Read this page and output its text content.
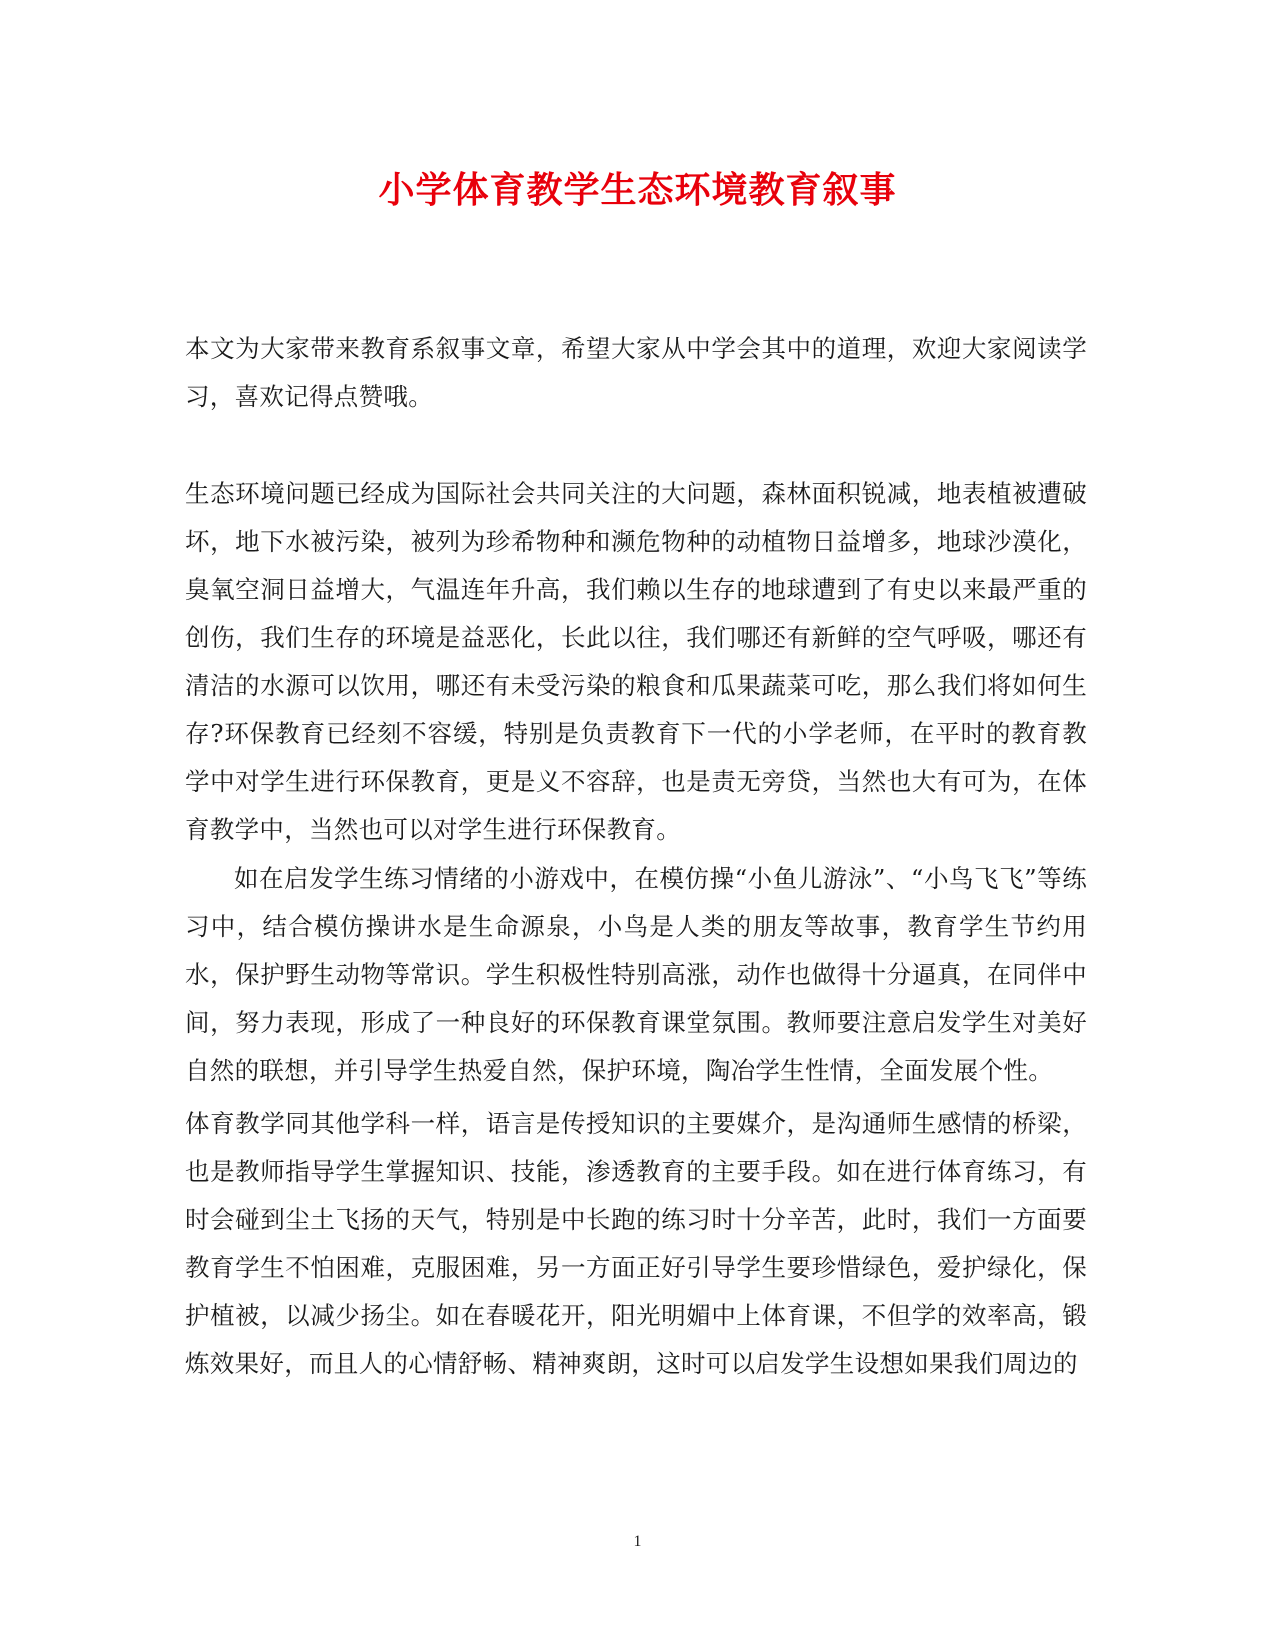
小学体育教学生态环境教育叙事

本文为大家带来教育系叙事文章，希望大家从中学会其中的道理，欢迎大家阅读学习，喜欢记得点赞哦。

生态环境问题已经成为国际社会共同关注的大问题，森林面积锐减，地表植被遭破坏，地下水被污染，被列为珍希物种和濒危物种的动植物日益增多，地球沙漠化，臭氧空洞日益增大，气温连年升高，我们赖以生存的地球遭到了有史以来最严重的创伤，我们生存的环境是益恶化，长此以往，我们哪还有新鲜的空气呼吸，哪还有清洁的水源可以饮用，哪还有未受污染的粮食和瓜果蔬菜可吃，那么我们将如何生存?环保教育已经刻不容缓，特别是负责教育下一代的小学老师，在平时的教育教学中对学生进行环保教育，更是义不容辞，也是责无旁贷，当然也大有可为，在体育教学中，当然也可以对学生进行环保教育。

如在启发学生练习情绪的小游戏中，在模仿操“小鱼儿游泳”、“小鸟飞飞”等练习中，结合模仿操讲水是生命源泉，小鸟是人类的朋友等故事，教育学生节约用水，保护野生动物等常识。学生积极性特别高涨，动作也做得十分逼真，在同伴中间，努力表现，形成了一种良好的环保教育课堂氛围。教师要注意启发学生对美好自然的联想，并引导学生热爱自然，保护环境，陶冶学生性情，全面发展个性。

体育教学同其他学科一样，语言是传授知识的主要媒介，是沟通师生感情的桥梁，也是教师指导学生掌握知识、技能，渗透教育的主要手段。如在进行体育练习，有时会碰到尘土飞扬的天气，特别是中长跑的练习时十分辛苦，此时，我们一方面要教育学生不怕困难，克服困难，另一方面正好引导学生要珍惜绿色，爱护绿化，保护植被，以减少扬尘。如在春暖花开，阳光明媚中上体育课，不但学的效率高，锻炼效果好，而且人的心情舒畅、精神爽朗，这时可以启发学生设想如果我们周边的

1
